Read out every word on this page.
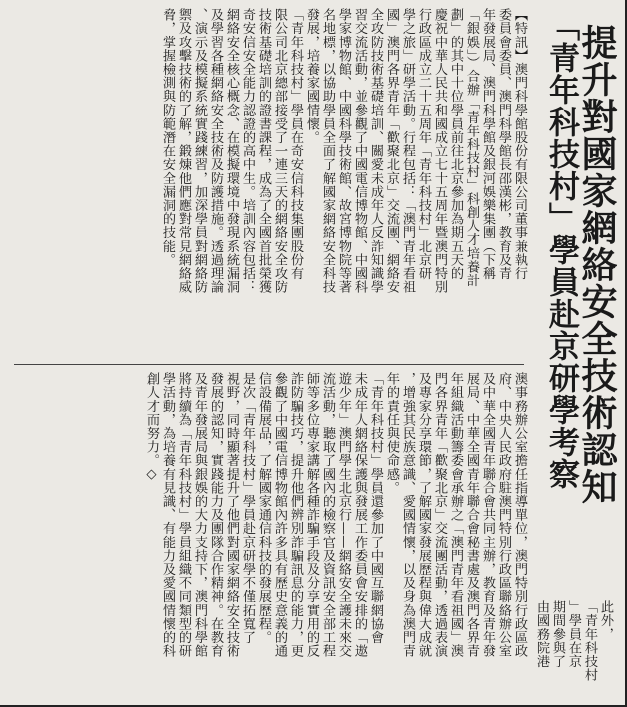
「青年科技村」學員赴京研學考察
提升對國家網絡安全技術認知
【特訊】澳門科學館股份有限公司董事兼執行
委員會委員、澳門科學館長邵漢彬，教育及青
年發展局、澳門科學館及銀河娛樂集團（下稱
「銀娛」）合辦「青年科技村」科創人才培養計
劃」的其中十位學員前往北京參加為期五天的
慶祝中華人民共和國成立七十五周年暨澳門特別
行政區成立二十五周年「青年科技村」北京研
學之旅」研學活動。行程包括：「澳門青年看祖
國」澳門各界青年「歡聚北京」交流團、網絡安
全攻防技術基礎培訓、關愛未成年人反詐知識學
習交流活動，並參觀了中國電信博物館、中國科
學家博物館、中國科學技術館、故宮博物院等著
名地標，以協助學員全面了解國家網絡安全科技
發展，培養家國情懷。
「青年科技村」學員在奇安信科技集團股份有
限公司北京總部接受了一連三天的網絡安全攻防
技術基礎培訓的證書課程，成為了全國首批榮獲
奇安信安全能力認證的高中生。培訓內容包括：
網絡安全核心概念、在模擬環境中發現系統漏洞
及學習各種網絡安全技術及防護措施。透過理論
、演示及模擬系統實踐練習，加深學員對網絡防
禦及攻擊技術的了解，鍛煉他們應對常見網絡威
脅，掌握檢測與防範潛在安全漏洞的技能。
澳事務辦公室擔任指導單位，澳門特別行政區政
府、中央人民政府駐澳門特別行政區聯絡辦公室
及中華全國青年聯合會共同主辦，教育及青年發
展局、中華全國青年聯合會秘書處及澳門各界青
年組織活動籌委會承辦之「澳門青年看祖國」澳
門各界青年「歡聚北京」交流團活動，透過表演
及專家分享環節，了解國家發展歷程與偉大成就
，增強其民族意識、愛國情懷，以及身為澳門青
年的責任與使命感。
「青年科技村」學員還參加了中國互聯網協會
未成年人網絡保護與發展工作委員會安排的「遨
遊少年」澳門學生北京行——網絡安全護未來交
流活動，聽取了國內的檢察官及資訊安全部工程
師等多位專家講解各種詐騙手段及分享實用的反
詐防騙技巧，提升他們辨別詐騙訊息的能力，更
參觀了中國電信博物館內許多具有歷史意義的通
信設備展品，了解國家通信科技的發展歷程。
是次「青年科技村」學員赴京研學不僅拓寬了
視野，同時顯著提升了他們對國家網絡安全技術
發展的認知，實踐能力及團隊合作精神。在教育
及青年發展局與銀娛的大力支持下，澳門科學館
將持續為「青年科技村」學員組織不同類型的研
學活動，為培養有見識、有能力及愛國情懷的科
創人才而努力。◇
此外，
「青年科技村
」學員在京
期間參與了
由國務院港
